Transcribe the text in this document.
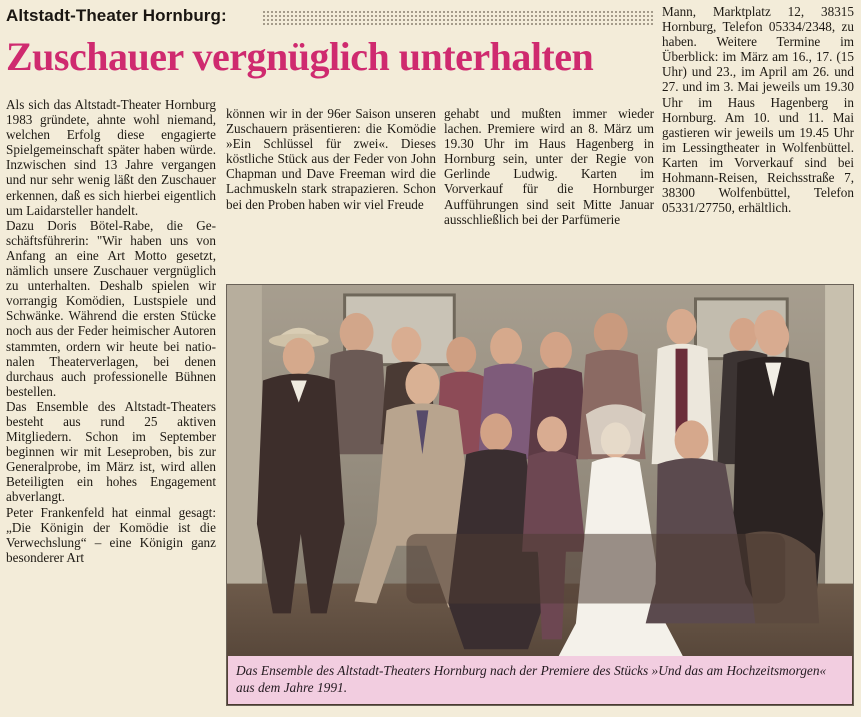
Altstadt-Theater Hornburg:
Zuschauer vergnüglich unterhalten

Als sich das Altstadt-Theater Hornburg 1983 gründete, ahnte wohl niemand, welchen Erfolg diese engagierte Spielgemeinschaft später haben würde. Inzwischen sind 13 Jahre vergangen und nur sehr wenig läßt den Zuschauer erkennen, daß es sich hierbei eigentlich um Laidarsteller handelt.

Dazu Doris Bötel-Rabe, die Geschäftsführerin: "Wir haben uns von Anfang an eine Art Motto gesetzt, nämlich unsere Zuschauer vergnüglich zu unterhalten. Deshalb spielen wir vorrangig Komödien, Lustspiele und Schwänke. Während die ersten Stücke noch aus der Feder heimischer Autoren stammten, ordern wir heute bei nationalen Theaterverlagen, bei denen durchaus auch professionelle Bühnen bestellen.

Das Ensemble des Altstadt-Theaters besteht aus rund 25 aktiven Mitgliedern. Schon im September beginnen wir mit Leseproben, bis zur Generalprobe, im März ist, wird allen Beteiligten ein hohes Engagement abverlangt.

Peter Frankenfeld hat einmal gesagt: „Die Königin der Komödie ist die Verwechslung“ – eine Königin ganz besonderer Art

können wir in der 96er Saison unseren Zuschauern präsentieren: die Komödie »Ein Schlüssel für zwei«. Dieses köstliche Stück aus der Feder von John Chapman und Dave Freeman wird die Lachmuskeln stark strapazieren. Schon bei den Proben haben wir viel Freude

gehabt und mußten immer wieder lachen. Premiere wird an 8. März um 19.30 Uhr im Haus Hagenberg in Hornburg sein, unter der Regie von Gerlinde Ludwig. Karten im Vorverkauf für die Hornburger Aufführungen sind seit Mitte Januar ausschließlich bei der Parfümerie

Mann, Marktplatz 12, 38315 Hornburg, Telefon 05334/2348, zu haben. Weitere Termine im Überblick: im März am 16., 17. (15 Uhr) und 23., im April am 26. und 27. und im 3. Mai jeweils um 19.30 Uhr im Haus Hagenberg in Hornburg. Am 10. und 11. Mai gastieren wir jeweils um 19.45 Uhr im Lessingtheater in Wolfenbüttel. Karten im Vorverkauf sind bei Hohmann-Reisen, Reichsstraße 7, 38300 Wolfenbüttel, Telefon 05331/27750, erhältlich.

Das Ensemble des Altstadt-Theaters Hornburg nach der Premiere des Stücks »Und das am Hochzeitsmorgen« aus dem Jahre 1991.
